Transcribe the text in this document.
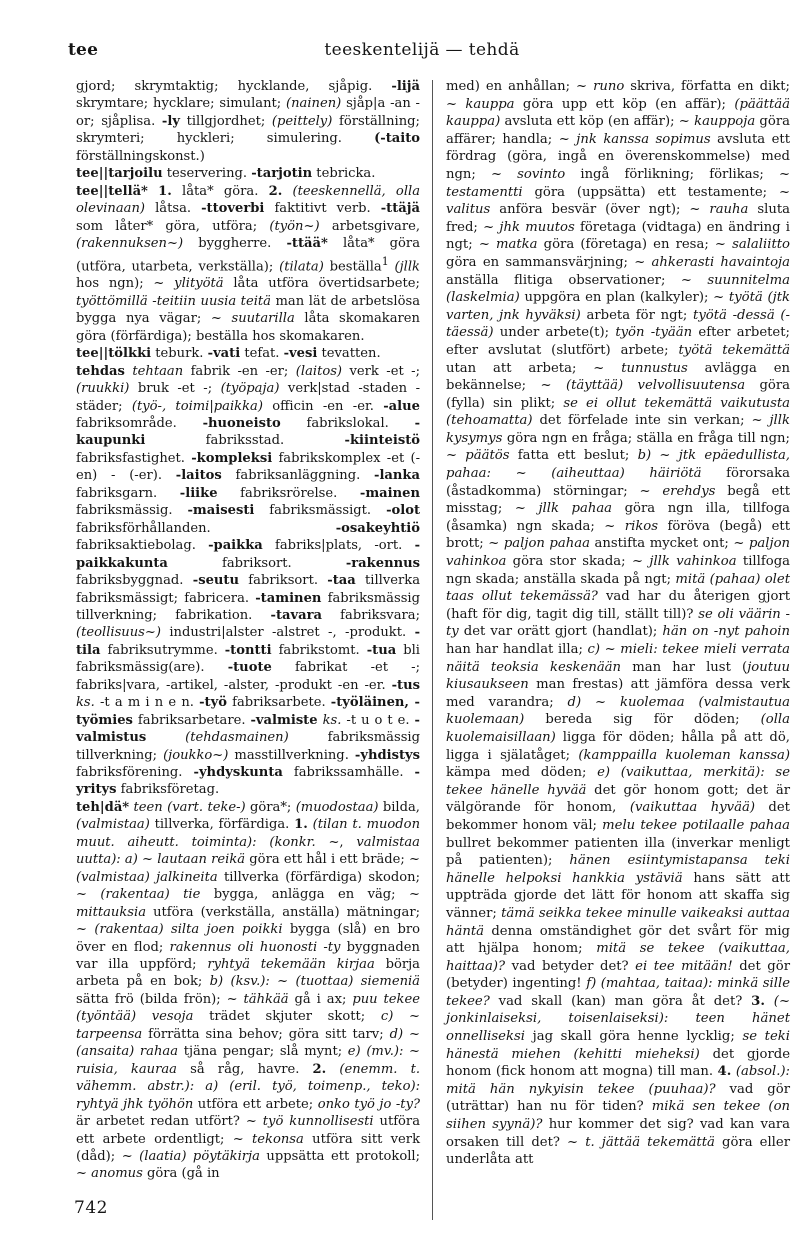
tee	teeskentelijä — tehdä

gjord; skrymtaktig; hycklande, sjåpig. -lijä skrymtare; hycklare; simulant; (nainen) sjåp|a -an -or; sjåplisa. -ly tillgjordhet; (peittely) förställning; skrymteri; hyckleri; simulering. (-taito förställningskonst.)

tee||tarjoilu teservering. -tarjotin tebricka.

tee||tellä* 1. låta* göra. 2. (teeskennellä, olla olevinaan) låtsa. -ttoverbi faktitivt verb. -ttäjä som låter* göra, utföra; (työn~) arbetsgivare, (rakennuksen~) byggherre. -ttää* låta* göra (utföra, utarbeta, verkställa); (tilata) beställa$^1$ (jllk hos ngn); ~ ylityötä låta utföra övertidsarbete; työttömillä -teitiin uusia teitä man lät de arbetslösa bygga nya vägar; ~ suutarilla låta skomakaren göra (förfärdiga); beställa hos skomakaren.

tee||tölkki teburk. -vati tefat. -vesi tevatten.

tehdas tehtaan fabrik -en -er; (laitos) verk -et -; (ruukki) bruk -et -; (työpaja) verk|stad -staden -städer; (työ-, toimi|paikka) officin -en -er. -alue fabriksområde. -huoneisto fabrikslokal. -kaupunki fabriksstad. -kiinteistö fabriksfastighet. -kompleksi fabrikskomplex -et (-en) - (-er). -laitos fabriksanläggning. -lanka fabriksgarn. -liike fabriksrörelse. -mainen fabriksmässig. -maisesti fabriksmässigt. -olot fabriksförhållanden. -osakeyhtiö fabriksaktiebolag. -paikka fabriks|plats, -ort. -paikkakunta fabriksort. -rakennus fabriksbyggnad. -seutu fabriksort. -taa tillverka fabriksmässigt; fabricera. -taminen fabriksmässig tillverkning; fabrikation. -tavara fabriksvara; (teollisuus~) industri|alster -alstret -, -produkt. -tila fabriksutrymme. -tontti fabrikstomt. -tua bli fabriksmässig(are). -tuote fabrikat -et -; fabriks|vara, -artikel, -alster, -produkt -en -er. -tus ks. -t a m i n e n. -työ fabriksarbete. -työläinen, -työmies fabriksarbetare. -valmiste ks. -t u o t e. -valmistus	(tehdasmainen) fabriksmässig tillverkning; (joukko~) masstillverkning. -yhdistys fabriksförening. -yhdyskunta fabrikssamhälle. -yritys fabriksföretag.

teh|dä* teen (vart. teke-) göra*; (muodostaa) bilda, (valmistaa) tillverka, förfärdiga. 1. (tilan t. muodon muut. aiheutt. toiminta): (konkr. ~, valmistaa uutta): a) ~ lautaan reikä göra ett hål i ett bräde; ~ (valmistaa) jalkineita tillverka (förfärdiga) skodon; ~ (rakentaa) tie bygga, anlägga en väg; ~ mittauksia utföra (verkställa, anställa) mätningar; ~ (rakentaa) silta joen poikki bygga (slå) en bro över en flod; rakennus oli huonosti -ty byggnaden var illa uppförd; ryhtyä tekemään kirjaa börja arbeta på en bok; b) (ksv.): ~ (tuottaa) siemeniä sätta frö (bilda frön); ~ tähkää gå i ax; puu tekee (työntää) vesoja trädet skjuter skott; c) ~ tarpeensa förrätta sina behov; göra sitt tarv; d) ~ (ansaita) rahaa tjäna pengar; slå mynt; e) (mv.): ~ ruisia, kauraa så råg, havre. 2. (enemm. t. vähemm. abstr.): a) (eril. työ, toimenp., teko): ryhtyä jhk työhön utföra ett arbete; onko työ jo -ty? är arbetet redan utfört? ~ työ kunnollisesti utföra ett arbete ordentligt; ~ tekonsa utföra sitt verk (dåd); ~ (laatia) pöytäkirja uppsätta ett protokoll; ~ anomus göra (gå in

med) en anhållan; ~ runo skriva, författa en dikt; ~ kauppa göra upp ett köp (en affär); (päättää kauppa) avsluta ett köp (en affär); ~ kauppoja göra affärer; handla; ~ jnk kanssa sopimus avsluta ett fördrag (göra, ingå en överenskommelse) med ngn; ~ sovinto ingå förlikning; förlikas; ~ testamentti göra (uppsätta) ett testamente; ~ valitus anföra besvär (över ngt); ~ rauha sluta fred; ~ jhk muutos företaga (vidtaga) en ändring i ngt; ~ matka göra (företaga) en resa; ~ salaliitto göra en sammansvärjning; ~ ahkerasti havaintoja anställa flitiga observationer; ~ suunnitelma (laskelmia) uppgöra en plan (kalkyler); ~ työtä (jtk varten, jnk hyväksi) arbeta för ngt; työtä -dessä (-täessä) under arbete(t); työn -tyään efter arbetet; efter avslutat (slutfört) arbete; työtä tekemättä utan att arbeta; ~ tunnustus avlägga en bekännelse; ~ (täyttää) velvollisuutensa göra (fylla) sin plikt; se ei ollut tekemättä vaikutusta (tehoamatta) det förfelade inte sin verkan; ~ jllk kysymys göra ngn en fråga; ställa en fråga till ngn; ~ päätös fatta ett beslut; b) ~ jtk epäedullista, pahaa: ~ (aiheuttaa) häiriötä förorsaka (åstadkomma) störningar; ~ erehdys begå ett misstag; ~ jllk pahaa göra ngn illa, tillfoga (åsamka) ngn skada; ~ rikos föröva (begå) ett brott; ~ paljon pahaa anstifta mycket ont; ~ paljon vahinkoa göra stor skada; ~ jllk vahinkoa tillfoga ngn skada; anställa skada på ngt; mitä (pahaa) olet taas ollut tekemässä? vad har du återigen gjort (haft för dig, tagit dig till, ställt till)? se oli väärin -ty det var orätt gjort (handlat); hän on -nyt pahoin han har handlat illa; c) ~ mieli: tekee mieli verrata näitä teoksia keskenään man har lust (joutuu kiusaukseen man frestas) att jämföra dessa verk med varandra; d) ~ kuolemaa (valmistautua kuolemaan) bereda sig för döden; (olla kuolemaisillaan) ligga för döden; hålla på att dö, ligga i själatåget; (kamppailla kuoleman kanssa) kämpa med döden; e) (vaikuttaa, merkitä): se tekee hänelle hyvää det gör honom gott; det är välgörande för honom, (vaikuttaa hyvää) det bekommer honom väl; melu tekee potilaalle pahaa bullret bekommer patienten illa (inverkar menligt på patienten); hänen esiintymistapansa teki hänelle helpoksi hankkia ystäviä hans sätt att uppträda gjorde det lätt för honom att skaffa sig vänner; tämä seikka tekee minulle vaikeaksi auttaa häntä denna omständighet gör det svårt för mig att hjälpa honom; mitä se tekee (vaikuttaa, haittaa)? vad betyder det? ei tee mitään! det gör (betyder) ingenting! f) (mahtaa, taitaa): minkä sille tekee? vad skall (kan) man göra åt det? 3. (~ jonkinlaiseksi, toisenlaiseksi): teen hänet onnelliseksi jag skall göra henne lycklig; se teki hänestä miehen (kehitti mieheksi) det gjorde honom (fick honom att mogna) till man. 4. (absol.): mitä hän nykyisin tekee (puuhaa)? vad gör (uträttar) han nu för tiden? mikä sen tekee (on siihen syynä)? hur kommer det sig? vad kan vara orsaken till det? ~ t. jättää tekemättä göra eller underlåta att

742
